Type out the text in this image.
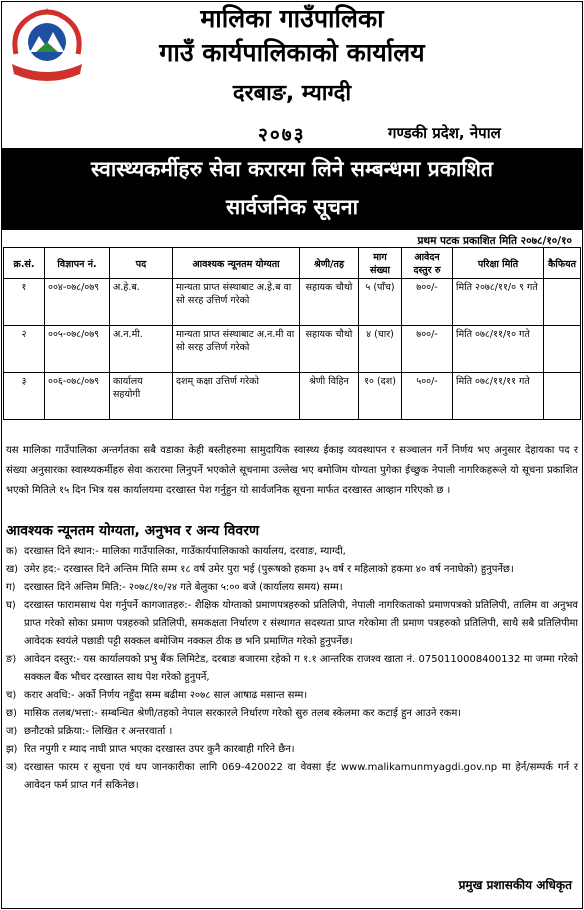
मालिका गाउँपालिका
गाउँ कार्यपालिकाको कार्यालय
दरबाङ, म्याग्दी
२०७३	गण्डकी प्रदेश, नेपाल
स्वास्थ्यकर्मीहरु सेवा करारमा लिने सम्बन्धमा प्रकाशित
सार्वजनिक सूचना
प्रथम पटक प्रकाशित मिति २०७८/१०/१०
क्र.सं.	विज्ञापन नं.	पद	आवश्यक न्यूनतम योग्यता	श्रेणी/तह	माग संख्या	आवेदन दस्तुर रु	परिक्षा मिति	कैफियत
१	००४-०७८/०७९	अ.हे.ब.	मान्यता प्राप्त संस्थाबाट अ.हे.ब वा सो सरह उत्तिर्ण गरेको	सहायक चौथो	५ (पाँच)	७००/-	मिति २०७८/११/० ९ गते	
२	००५-०७८/०७९	अ.न.मी.	मान्यता प्राप्त संस्थाबाट अ.न.मी वा सो सरह उत्तिर्ण गरेको	सहायक चौथो	४ (चार)	७००/-	मिति ०७८/११/१० गते	
३	००६-०७८/०७९	कार्यालय सहयोगी	दशम् कक्षा उत्तिर्ण गरेको	श्रेणी विहिन	१० (दश)	५००/-	मिति ०७८/११/११ गते	
यस मालिका गाउँपालिका अन्तर्गतका सबै वडाका केही बस्तीहरुमा सामुदायिक स्वास्थ्य ईकाइ व्यवस्थापन र सञ्चालन गर्ने निर्णय भए अनुसार देहायका पद र संख्या अनुसारका स्वास्थ्यकर्मीहरु सेवा करारमा लिनुपर्ने भएकोले सूचनामा उल्लेख भए बमोजिम योग्यता पुगेका ईच्छुक नेपाली नागरिकहरूले यो सूचना प्रकाशित भएको मितिले १५ दिन भित्र यस कार्यालयमा दरखास्त पेश गर्नुहुन यो सार्वजनिक सूचना मार्फत दरखास्त आव्हान गरिएको छ ।
आवश्यक न्यूनतम योग्यता, अनुभव र अन्य विवरण
क) दरखास्त दिने स्थान:- मालिका गाउँपालिका, गाउँकार्यपालिकाको कार्यालय, दरवाङ, म्याग्दी,
ख) उमेर हद:- दरखास्त दिने अन्तिम मिति सम्म १८ वर्ष उमेर पुरा भई (पुरूषको हकमा ३५ वर्ष र महिलाको हकमा ४० वर्ष ननाघेको) हुनुपर्नेछ।
ग) दरखास्त दिने अन्तिम मिति:- २०७८/१०/२४ गते बेलुका ५:०० बजे (कार्यालय समय) सम्म।
घ) दरखास्त फारामसाथ पेश गर्नुपर्ने कागजातहरु:- शैक्षिक योग्ताको प्रमाणपत्रहरुको प्रतिलिपी, नेपाली नागरिकताको प्रमाणपत्रको प्रतिलिपी, तालिम वा अनुभव प्राप्त गरेको सोका प्रमाण पत्रहरुको प्रतिलिपी, समकक्षता निर्धारण र संस्थागत सदस्यता प्राप्त गरेकोमा ती प्रमाण पत्रहरुको प्रतिलिपी, साथै सबै प्रतिलिपीमा आवेदक स्वयंले पछाडी पट्टी सक्कल बमोजिम नक्कल ठीक छ भनि प्रमाणित गरेको हुनुपर्नेछ।
ङ) आवेदन दस्तुर:- यस कार्यालयको प्रभु बैंक लिमिटेड, दरबाङ बजारमा रहेको ग १.१ आन्तरिक राजश्व खाता नं. 0750110008400132 मा जम्मा गरेको सक्कल बैंक भौचर दरखास्त साथ पेश गरेको हुनुपर्ने,
च) करार अवधि:- अर्को निर्णय नहुँदा सम्म बढीमा २०७८ साल आषाढ मसान्त सम्म।
छ) मासिक तलब/भत्ता:- सम्बन्धित श्रेणी/तहको नेपाल सरकारले निर्धारण गरेको सुरु तलब स्केलमा कर कटाई हुन आउने रकम।
ज) छनौटको प्रक्रिया:- लिखित र अन्तरवार्ता ।
झ) रित नपुगी र म्याद नाघी प्राप्त भएका दरखास्त उपर कुनै कारबाही गरिने छैन।
ञ) दरखास्त फारम र सूचना एवं थप जानकारीका लागि 069-420022 वा वेवसा ईट www.malikamunmyagdi.gov.np मा हेर्न/सम्पर्क गर्न र आवेदन फर्म प्राप्त गर्न सकिनेछ।
प्रमुख प्रशासकीय अधिकृत
